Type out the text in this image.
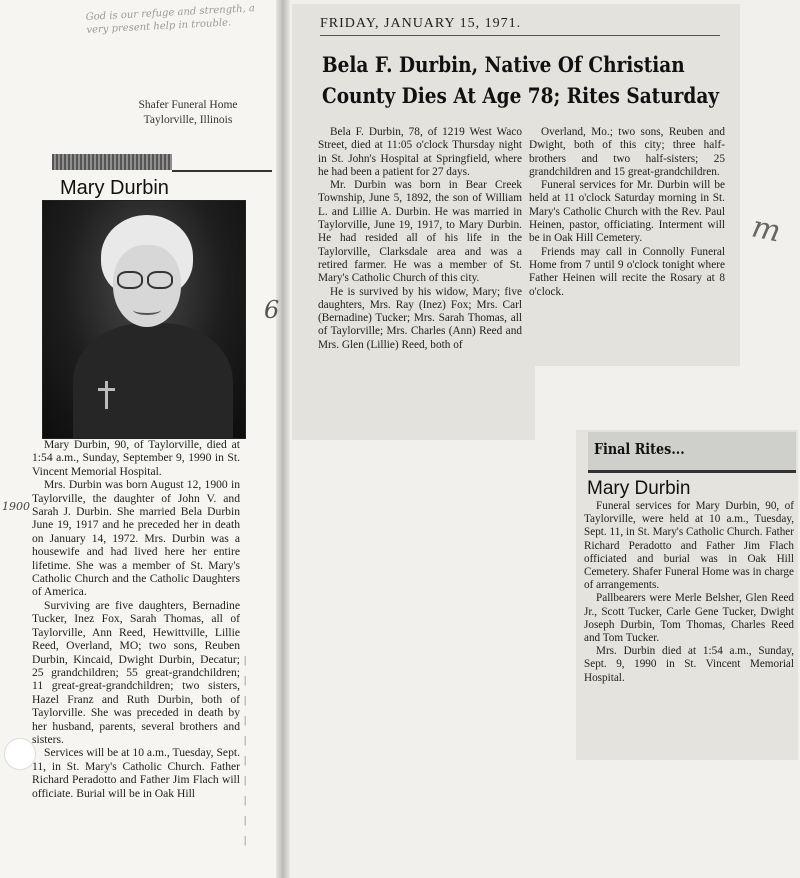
God is our refuge and strength, a very present help in trouble.
Shafer Funeral Home
Taylorville, Illinois
Mary Durbin
1900
|
|
|
|
|
|
|
|
|
|

Mary Durbin, 90, of Taylorville, died at 1:54 a.m., Sunday, September 9, 1990 in St. Vincent Memorial Hospital.

Mrs. Durbin was born August 12, 1900 in Taylorville, the daughter of John V. and Sarah J. Durbin. She married Bela Durbin June 19, 1917 and he preceded her in death on January 14, 1972. Mrs. Durbin was a housewife and had lived here her entire lifetime. She was a member of St. Mary's Catholic Church and the Catholic Daughters of America.

Surviving are five daughters, Bernadine Tucker, Inez Fox, Sarah Thomas, all of Taylorville, Ann Reed, Hewittville, Lillie Reed, Overland, MO; two sons, Reuben Durbin, Kincaid, Dwight Durbin, Decatur; 25 grandchildren; 55 great-grandchildren; 11 great-great-grandchildren; two sisters, Hazel Franz and Ruth Durbin, both of Taylorville. She was preceded in death by her husband, parents, several brothers and sisters.

Services will be at 10 a.m., Tuesday, Sept. 11, in St. Mary's Catholic Church. Father Richard Peradotto and Father Jim Flach will officiate. Burial will be in Oak Hill

FRIDAY, JANUARY 15, 1971.
Bela F. Durbin, Native Of Christian
County Dies At Age 78; Rites Saturday

Bela F. Durbin, 78, of 1219 West Waco Street, died at 11:05 o'clock Thursday night in St. John's Hospital at Springfield, where he had been a patient for 27 days.

Mr. Durbin was born in Bear Creek Township, June 5, 1892, the son of William L. and Lillie A. Durbin. He was married in Taylorville, June 19, 1917, to Mary Durbin. He had resided all of his life in the Taylorville, Clarksdale area and was a retired farmer. He was a member of St. Mary's Catholic Church of this city.

He is survived by his widow, Mary; five daughters, Mrs. Ray (Inez) Fox; Mrs. Carl (Bernadine) Tucker; Mrs. Sarah Thomas, all of Taylorville; Mrs. Charles (Ann) Reed and Mrs. Glen (Lillie) Reed, both of

Overland, Mo.; two sons, Reuben and Dwight, both of this city; three half-brothers and two half-sisters; 25 grandchildren and 15 great-grandchildren.

Funeral services for Mr. Durbin will be held at 11 o'clock Saturday morning in St. Mary's Catholic Church with the Rev. Paul Heinen, pastor, officiating. Interment will be in Oak Hill Cemetery.

Friends may call in Connolly Funeral Home from 7 until 9 o'clock tonight where Father Heinen will recite the Rosary at 8 o'clock.

6
m
Final Rites...
Mary Durbin

Funeral services for Mary Durbin, 90, of Taylorville, were held at 10 a.m., Tuesday, Sept. 11, in St. Mary's Catholic Church. Father Richard Peradotto and Father Jim Flach officiated and burial was in Oak Hill Cemetery. Shafer Funeral Home was in charge of arrangements.

Pallbearers were Merle Belsher, Glen Reed Jr., Scott Tucker, Carle Gene Tucker, Dwight Joseph Durbin, Tom Thomas, Charles Reed and Tom Tucker.

Mrs. Durbin died at 1:54 a.m., Sunday, Sept. 9, 1990 in St. Vincent Memorial Hospital.
